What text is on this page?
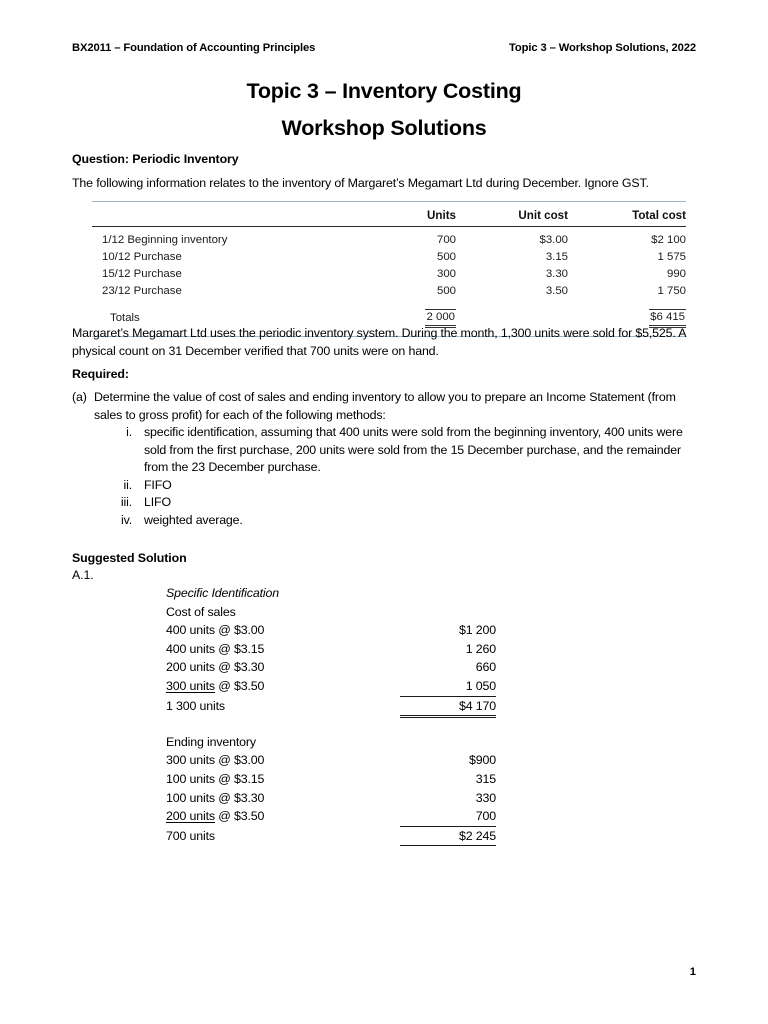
BX2011 – Foundation of Accounting Principles	Topic 3 – Workshop Solutions, 2022
Topic 3 – Inventory Costing
Workshop Solutions
Question: Periodic Inventory
The following information relates to the inventory of Margaret’s Megamart Ltd during December. Ignore GST.

	Units	Unit cost	Total cost
1/12 Beginning inventory	700	$3.00	$2 100
10/12 Purchase	500	3.15	1 575
15/12 Purchase	300	3.30	990
23/12 Purchase	500	3.50	1 750
Totals	2 000		$6 415

Margaret’s Megamart Ltd uses the periodic inventory system. During the month, 1,300 units were sold for $5,525. A physical count on 31 December verified that 700 units were on hand.
Required:
(a) Determine the value of cost of sales and ending inventory to allow you to prepare an Income Statement (from sales to gross profit) for each of the following methods:
i. specific identification, assuming that 400 units were sold from the beginning inventory, 400 units were sold from the first purchase, 200 units were sold from the 15 December purchase, and the remainder from the 23 December purchase.
ii. FIFO
iii. LIFO
iv. weighted average.
Suggested Solution
A.1.
Specific Identification
Cost of sales
400 units @ $3.00	$1 200
400 units @ $3.15	1 260
200 units @ $3.30	660
300 units @ $3.50	1 050
1 300 units	$4 170
Ending inventory
300 units @ $3.00	$900
100 units @ $3.15	315
100 units @ $3.30	330
200 units @ $3.50	700
700 units	$2 245
1
